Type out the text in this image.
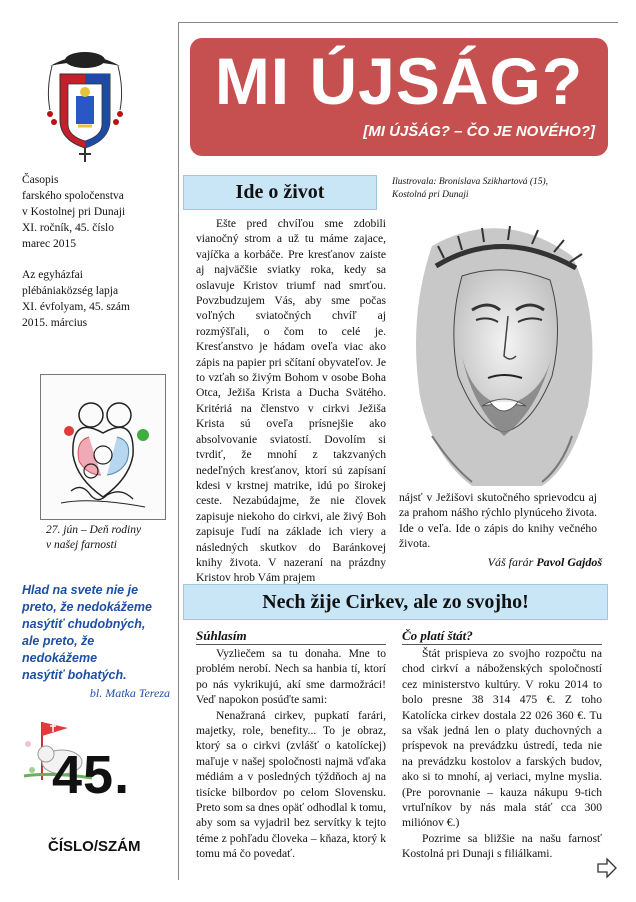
Časopis
farského spoločenstva
v Kostolnej pri Dunaji
XI. ročník, 45. číslo
marec 2015
Az egyházfai
plébániaközség lapja
XI. évfolyam, 45. szám
2015. március
27. jún – Deň rodiny
v našej farnosti
Hlad na svete nie je
preto, že nedokážeme
nasýtiť chudobných,
ale preto, že nedokážeme
nasýtiť bohatých.
bl. Matka Tereza
45.
ČÍSLO/SZÁM
MI ÚJSÁG?
[MI ÚJŠÁG? – ČO JE NOVÉHO?]
Ide o život	Ilustrovala: Bronislava Szikhartová (15),
Kostolná pri Dunaji
Ešte pred chvíľou sme zdobili vianočný strom a už tu máme zajace, vajíčka a korbáče. Pre kresťanov zaiste aj najväčšie sviatky roka, kedy sa oslavuje Kristov triumf nad smrťou. Povzbudzujem Vás, aby sme počas voľných sviatočných chvíľ aj rozmýšľali, o čom to celé je. Kresťanstvo je hádam oveľa viac ako zápis na papier pri sčítaní obyvateľov. Je to vzťah so živým Bohom v osobe Boha Otca, Ježiša Krista a Ducha Svätého. Kritériá na členstvo v cirkvi Ježiša Krista sú oveľa prísnejšie ako absolvovanie sviatostí. Dovolím si tvrdiť, že mnohí z takzvaných nedeľných kresťanov, ktorí sú zapísaní kdesi v krstnej matrike, idú po širokej ceste. Nezabúdajme, že nie človek zapisuje niekoho do cirkvi, ale živý Boh zapisuje ľudí na základe ich viery a následných skutkov do Baránkovej knihy života. V nazeraní na prázdny Kristov hrob Vám prajem
nájsť v Ježišovi skutočného sprievodcu aj za prahom nášho rýchlo plynúceho života. Ide o veľa. Ide o zápis do knihy večného života.
Váš farár Pavol Gajdoš
Nech žije Cirkev, ale zo svojho!
Súhlasím

Vyzliečem sa tu donaha. Mne to problém nerobí. Nech sa hanbia tí, ktorí po nás vykrikujú, akí sme darmožráci! Veď napokon posúďte sami:

Nenažraná cirkev, pupkatí farári, majetky, role, benefity... To je obraz, ktorý sa o cirkvi (zvlášť o katolíckej) maľuje v našej spoločnosti najmä vďaka médiám a v posledných týždňoch aj na tisícke bilbordov po celom Slovensku. Preto som sa dnes opäť odhodlal k tomu, aby som sa vyjadril bez servítky k tejto téme z pohľadu človeka – kňaza, ktorý k tomu má čo povedať.

Čo platí štát?

Štát prispieva zo svojho rozpočtu na chod cirkví a náboženských spoločností cez ministerstvo kultúry. V roku 2014 to bolo presne 38 314 475 €. Z toho Katolícka cirkev dostala 22 026 360 €. Tu sa však jedná len o platy duchovných a príspevok na prevádzku ústredí, teda nie na prevádzku kostolov a farských budov, ako si to mnohí, aj veriaci, mylne myslia. (Pre porovnanie – kauza nákupu 9-tich vrtuľníkov by nás mala stáť cca 300 miliónov €.)

Pozrime sa bližšie na našu farnosť Kostolná pri Dunaji s filiálkami.
